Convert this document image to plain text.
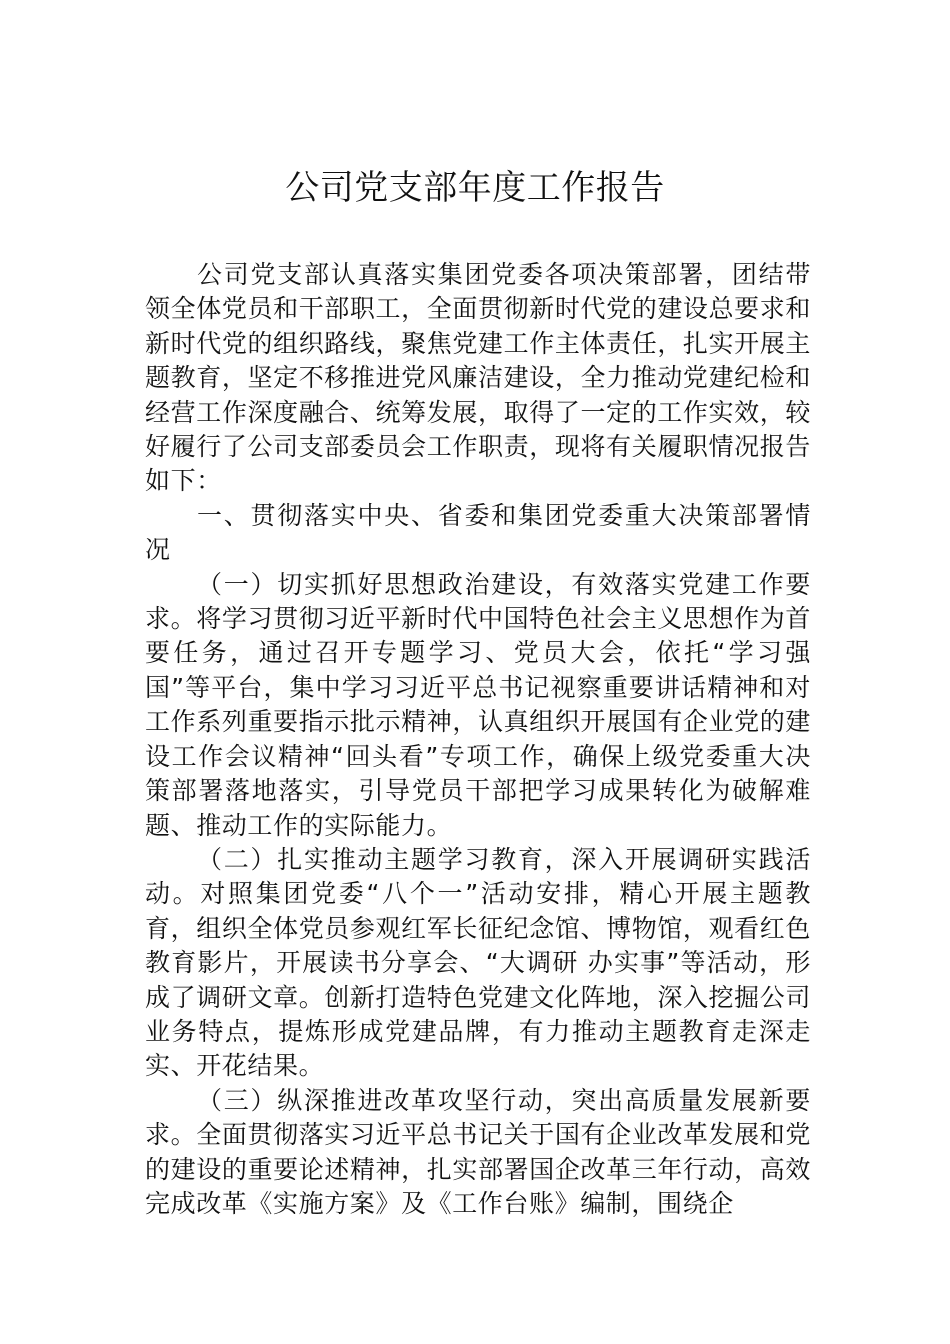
公司党支部年度工作报告

公司党支部认真落实集团党委各项决策部署，团结带领全体党员和干部职工，全面贯彻新时代党的建设总要求和新时代党的组织路线，聚焦党建工作主体责任，扎实开展主题教育，坚定不移推进党风廉洁建设，全力推动党建纪检和经营工作深度融合、统筹发展，取得了一定的工作实效，较好履行了公司支部委员会工作职责，现将有关履职情况报告如下：

一、贯彻落实中央、省委和集团党委重大决策部署情况

（一）切实抓好思想政治建设，有效落实党建工作要求。将学习贯彻习近平新时代中国特色社会主义思想作为首要任务，通过召开专题学习、党员大会，依托“学习强国”等平台，集中学习习近平总书记视察重要讲话精神和对工作系列重要指示批示精神，认真组织开展国有企业党的建设工作会议精神“回头看”专项工作，确保上级党委重大决策部署落地落实，引导党员干部把学习成果转化为破解难题、推动工作的实际能力。

（二）扎实推动主题学习教育，深入开展调研实践活动。对照集团党委“八个一”活动安排，精心开展主题教育，组织全体党员参观红军长征纪念馆、博物馆，观看红色教育影片，开展读书分享会、“大调研 办实事”等活动，形成了调研文章。创新打造特色党建文化阵地，深入挖掘公司业务特点，提炼形成党建品牌，有力推动主题教育走深走实、开花结果。

（三）纵深推进改革攻坚行动，突出高质量发展新要求。全面贯彻落实习近平总书记关于国有企业改革发展和党的建设的重要论述精神，扎实部署国企改革三年行动，高效完成改革《实施方案》及《工作台账》编制，围绕企
